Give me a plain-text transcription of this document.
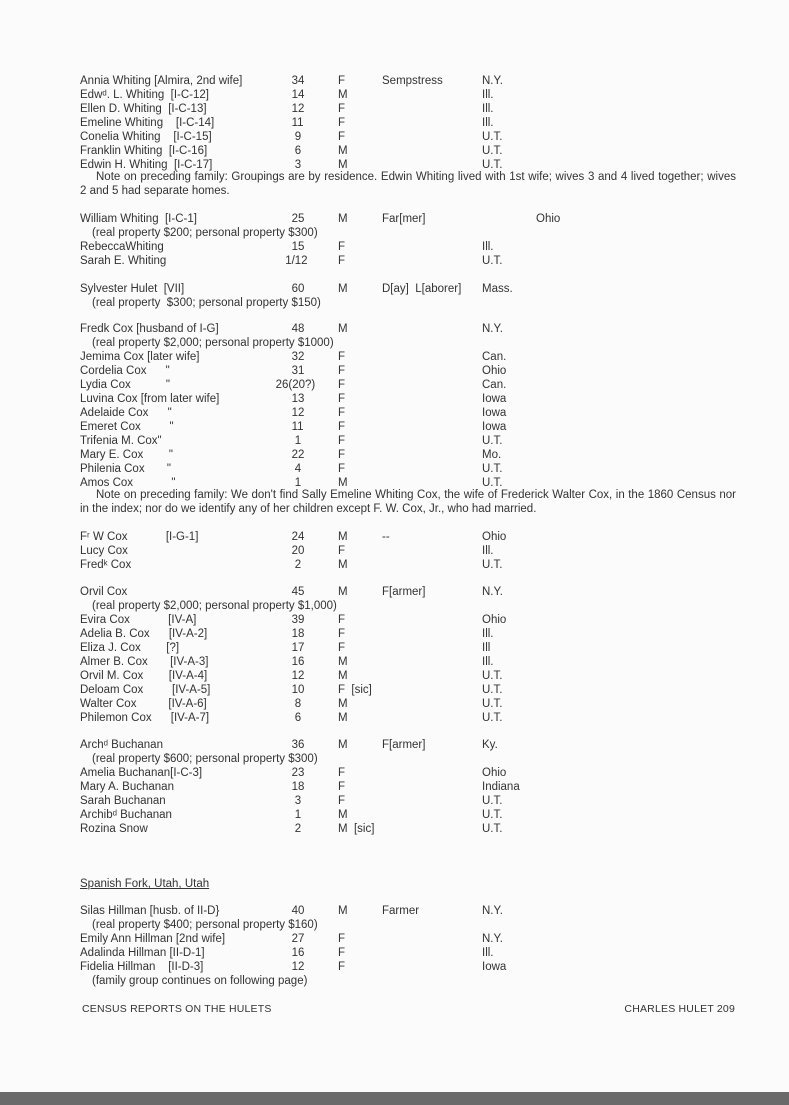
Annia Whiting [Almira, 2nd wife]	34	F	Sempstress	N.Y.
Edwᵈ. L. Whiting  [I-C-12]	14	M	Ill.
Ellen D. Whiting  [I-C-13]	12	F	Ill.
Emeline Whiting    [I-C-14]	11	F	Ill.
Conelia Whiting    [I-C-15]	9	F	U.T.
Franklin Whiting  [I-C-16]	6	M	U.T.
Edwin H. Whiting  [I-C-17]	3	M	U.T.
William Whiting  [I-C-1]	25	M	Far[mer]	Ohio
(real property $200; personal property $300)
RebeccaWhiting	15	F	Ill.
Sarah E. Whiting	1/12	F	U.T.
Sylvester Hulet  [VII]	60	M	D[ay]  L[aborer] Mass.
(real property  $300; personal property $150)
Fredk Cox [husband of I-G]	48	M	N.Y.
(real property $2,000; personal property $1000)
Jemima Cox [later wife]	32	F	Can.
Cordelia Cox      "	31	F	Ohio
Lydia Cox           "	26(20?) F	Can.
Luvina Cox [from later wife]	13	F	Iowa
Adelaide Cox      "	12	F	Iowa
Emeret Cox         "	11	F	Iowa
Trifenia M. Cox"	1	F	U.T.
Mary E. Cox        "	22	F	Mo.
Philenia Cox       "	4	F	U.T.
Amos Cox            "	1	M	U.T.
Fʳ W Cox            [I-G-1]	24	M	--	Ohio
Lucy Cox	20	F	Ill.
Fredᵏ Cox	2	M	U.T.
Orvil Cox	45	M	F[armer]	N.Y.
(real property $2,000; personal property $1,000)
Evira Cox            [IV-A]	39	F	Ohio
Adelia B. Cox      [IV-A-2]	18	F	Ill.
Eliza J. Cox        [?]	17	F	Ill
Almer B. Cox       [IV-A-3]	16	M	Ill.
Orvil M. Cox        [IV-A-4]	12	M	U.T.
Deloam Cox         [IV-A-5]	10	F  [sic]	U.T.
Walter Cox          [IV-A-6]	8	M	U.T.
Philemon Cox      [IV-A-7]	6	M	U.T.
Archᵈ Buchanan	36	M	F[armer]	Ky.
(real property $600; personal property $300)
Amelia Buchanan[I-C-3]	23	F	Ohio
Mary A. Buchanan	18	F	Indiana
Sarah Buchanan	3	F	U.T.
Archibᵈ Buchanan	1	M	U.T.
Rozina Snow	2	M  [sic]	U.T.
Silas Hillman [husb. of II-D}	40	M	Farmer	N.Y.
(real property $400; personal property $160)
Emily Ann Hillman [2nd wife]	27	F	N.Y.
Adalinda Hillman [II-D-1]	16	F	Ill.
Fidelia Hillman    [II-D-3]	12	F	Iowa
(family group continues on following page)
Note on preceding family: Groupings are by residence. Edwin Whiting lived with 1st wife; wives 3 and 4 lived together; wives 2 and 5 had separate homes.
Note on preceding family: We don't find Sally Emeline Whiting Cox, the wife of Frederick Walter Cox, in the 1860 Census nor in the index; nor do we identify any of her children except F. W. Cox, Jr., who had married.
Spanish Fork, Utah, Utah
CENSUS REPORTS ON THE HULETS	CHARLES HULET 209
